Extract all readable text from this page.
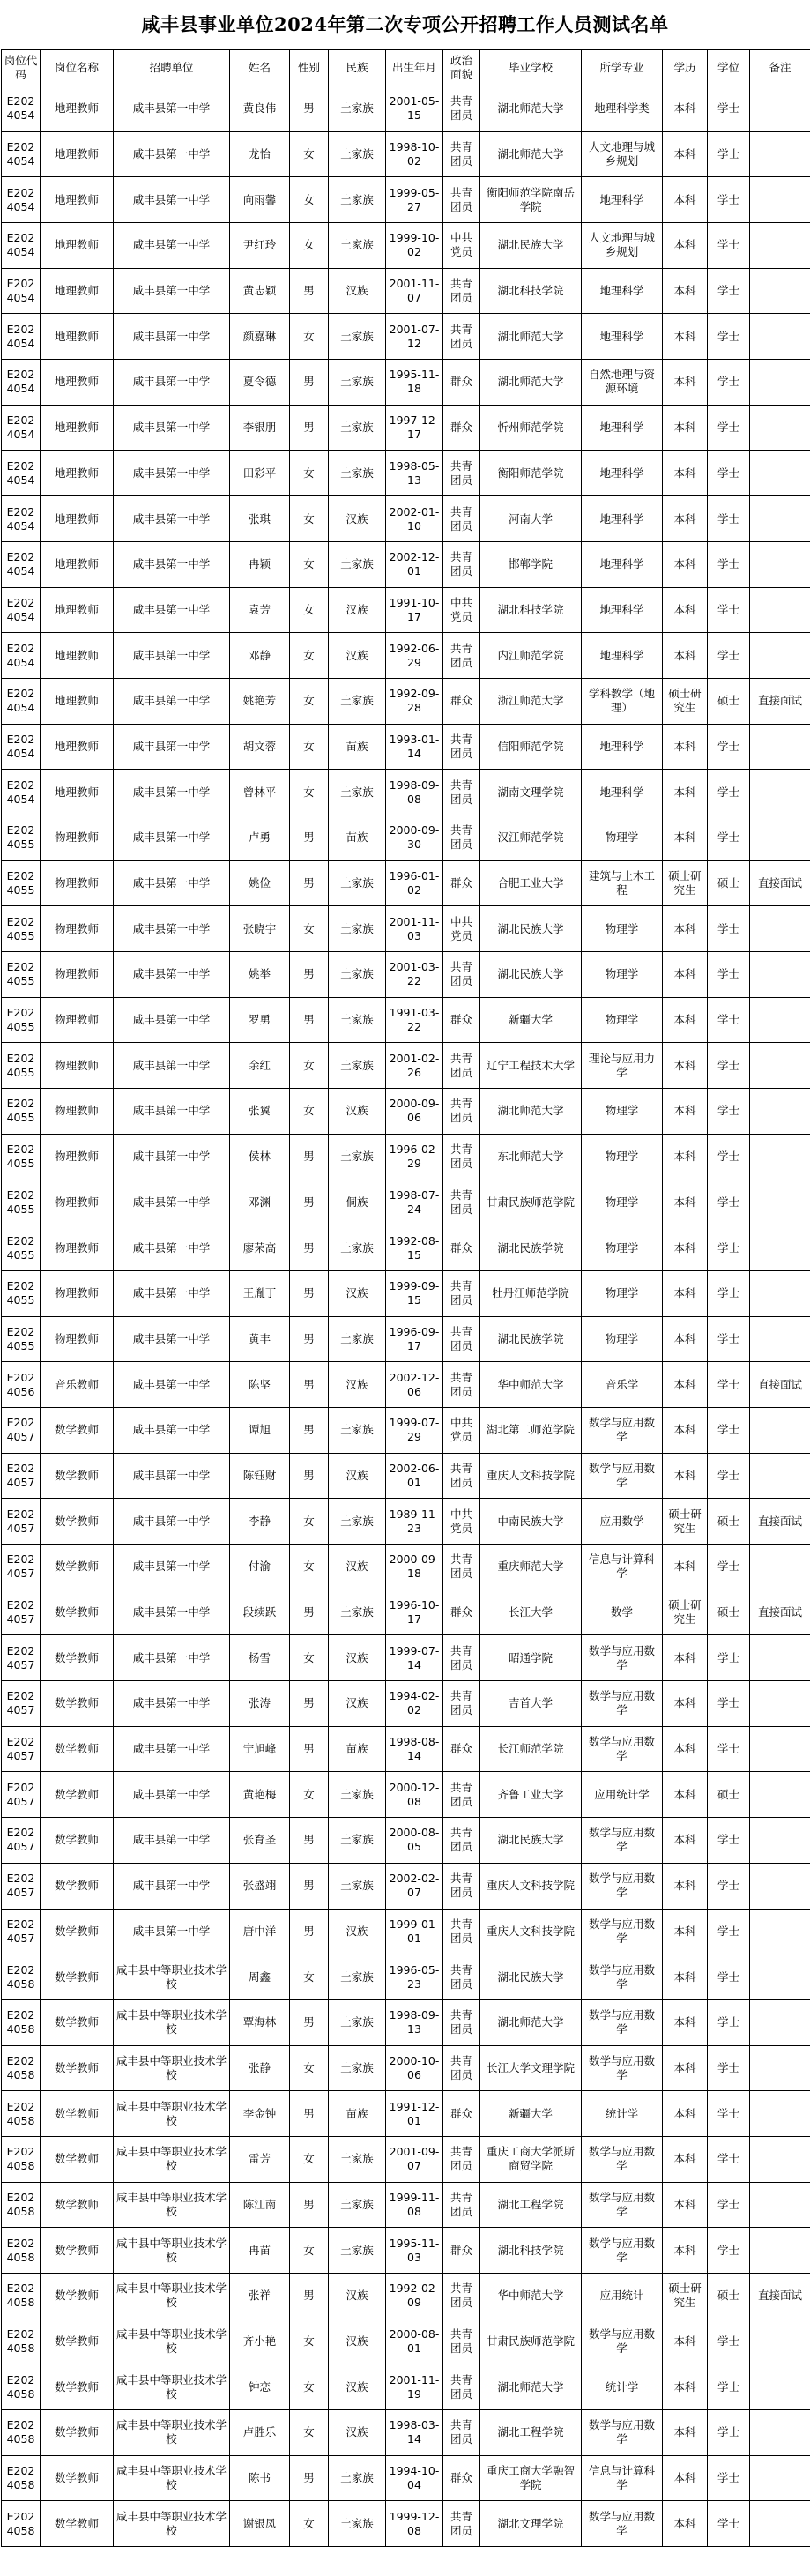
咸丰县事业单位2024年第二次专项公开招聘工作人员测试名单
岗位代码	岗位名称	招聘单位	姓名	性别	民族	出生年月	政治面貌	毕业学校	所学专业	学历	学位	备注
E2024054	地理教师	咸丰县第一中学	黄良伟	男	土家族	2001-05-15	共青团员	湖北师范大学	地理科学类	本科	学士	
E2024054	地理教师	咸丰县第一中学	龙怡	女	土家族	1998-10-02	共青团员	湖北师范大学	人文地理与城乡规划	本科	学士	
E2024054	地理教师	咸丰县第一中学	向雨馨	女	土家族	1999-05-27	共青团员	衡阳师范学院南岳学院	地理科学	本科	学士	
E2024054	地理教师	咸丰县第一中学	尹红玲	女	土家族	1999-10-02	中共党员	湖北民族大学	人文地理与城乡规划	本科	学士	
E2024054	地理教师	咸丰县第一中学	黄志颖	男	汉族	2001-11-07	共青团员	湖北科技学院	地理科学	本科	学士	
E2024054	地理教师	咸丰县第一中学	颜嘉琳	女	土家族	2001-07-12	共青团员	湖北师范大学	地理科学	本科	学士	
E2024054	地理教师	咸丰县第一中学	夏令德	男	土家族	1995-11-18	群众	湖北师范大学	自然地理与资源环境	本科	学士	
E2024054	地理教师	咸丰县第一中学	李银朋	男	土家族	1997-12-17	群众	忻州师范学院	地理科学	本科	学士	
E2024054	地理教师	咸丰县第一中学	田彩平	女	土家族	1998-05-13	共青团员	衡阳师范学院	地理科学	本科	学士	
E2024054	地理教师	咸丰县第一中学	张琪	女	汉族	2002-01-10	共青团员	河南大学	地理科学	本科	学士	
E2024054	地理教师	咸丰县第一中学	冉颖	女	土家族	2002-12-01	共青团员	邯郸学院	地理科学	本科	学士	
E2024054	地理教师	咸丰县第一中学	袁芳	女	汉族	1991-10-17	中共党员	湖北科技学院	地理科学	本科	学士	
E2024054	地理教师	咸丰县第一中学	邓静	女	汉族	1992-06-29	共青团员	内江师范学院	地理科学	本科	学士	
E2024054	地理教师	咸丰县第一中学	姚艳芳	女	土家族	1992-09-28	群众	浙江师范大学	学科教学（地理）	硕士研究生	硕士	直接面试
E2024054	地理教师	咸丰县第一中学	胡文蓉	女	苗族	1993-01-14	共青团员	信阳师范学院	地理科学	本科	学士	
E2024054	地理教师	咸丰县第一中学	曾林平	女	土家族	1998-09-08	共青团员	湖南文理学院	地理科学	本科	学士	
E2024055	物理教师	咸丰县第一中学	卢勇	男	苗族	2000-09-30	共青团员	汉江师范学院	物理学	本科	学士	
E2024055	物理教师	咸丰县第一中学	姚俭	男	土家族	1996-01-02	群众	合肥工业大学	建筑与土木工程	硕士研究生	硕士	直接面试
E2024055	物理教师	咸丰县第一中学	张晓宇	女	土家族	2001-11-03	中共党员	湖北民族大学	物理学	本科	学士	
E2024055	物理教师	咸丰县第一中学	姚举	男	土家族	2001-03-22	共青团员	湖北民族大学	物理学	本科	学士	
E2024055	物理教师	咸丰县第一中学	罗勇	男	土家族	1991-03-22	群众	新疆大学	物理学	本科	学士	
E2024055	物理教师	咸丰县第一中学	余红	女	土家族	2001-02-26	共青团员	辽宁工程技术大学	理论与应用力学	本科	学士	
E2024055	物理教师	咸丰县第一中学	张翼	女	汉族	2000-09-06	共青团员	湖北师范大学	物理学	本科	学士	
E2024055	物理教师	咸丰县第一中学	侯林	男	土家族	1996-02-29	共青团员	东北师范大学	物理学	本科	学士	
E2024055	物理教师	咸丰县第一中学	邓渊	男	侗族	1998-07-24	共青团员	甘肃民族师范学院	物理学	本科	学士	
E2024055	物理教师	咸丰县第一中学	廖荣高	男	土家族	1992-08-15	群众	湖北民族学院	物理学	本科	学士	
E2024055	物理教师	咸丰县第一中学	王胤丁	男	汉族	1999-09-15	共青团员	牡丹江师范学院	物理学	本科	学士	
E2024055	物理教师	咸丰县第一中学	黄丰	男	土家族	1996-09-17	共青团员	湖北民族学院	物理学	本科	学士	
E2024056	音乐教师	咸丰县第一中学	陈坚	男	汉族	2002-12-06	共青团员	华中师范大学	音乐学	本科	学士	直接面试
E2024057	数学教师	咸丰县第一中学	谭旭	男	土家族	1999-07-29	中共党员	湖北第二师范学院	数学与应用数学	本科	学士	
E2024057	数学教师	咸丰县第一中学	陈钰财	男	汉族	2002-06-01	共青团员	重庆人文科技学院	数学与应用数学	本科	学士	
E2024057	数学教师	咸丰县第一中学	李静	女	土家族	1989-11-23	中共党员	中南民族大学	应用数学	硕士研究生	硕士	直接面试
E2024057	数学教师	咸丰县第一中学	付渝	女	汉族	2000-09-18	共青团员	重庆师范大学	信息与计算科学	本科	学士	
E2024057	数学教师	咸丰县第一中学	段续跃	男	土家族	1996-10-17	群众	长江大学	数学	硕士研究生	硕士	直接面试
E2024057	数学教师	咸丰县第一中学	杨雪	女	汉族	1999-07-14	共青团员	昭通学院	数学与应用数学	本科	学士	
E2024057	数学教师	咸丰县第一中学	张涛	男	汉族	1994-02-02	共青团员	吉首大学	数学与应用数学	本科	学士	
E2024057	数学教师	咸丰县第一中学	宁旭峰	男	苗族	1998-08-14	群众	长江师范学院	数学与应用数学	本科	学士	
E2024057	数学教师	咸丰县第一中学	黄艳梅	女	土家族	2000-12-08	共青团员	齐鲁工业大学	应用统计学	本科	硕士	
E2024057	数学教师	咸丰县第一中学	张育圣	男	土家族	2000-08-05	共青团员	湖北民族大学	数学与应用数学	本科	学士	
E2024057	数学教师	咸丰县第一中学	张盛翊	男	土家族	2002-02-07	共青团员	重庆人文科技学院	数学与应用数学	本科	学士	
E2024057	数学教师	咸丰县第一中学	唐中洋	男	汉族	1999-01-01	共青团员	重庆人文科技学院	数学与应用数学	本科	学士	
E2024058	数学教师	咸丰县中等职业技术学校	周鑫	女	土家族	1996-05-23	共青团员	湖北民族大学	数学与应用数学	本科	学士	
E2024058	数学教师	咸丰县中等职业技术学校	覃海林	男	土家族	1998-09-13	共青团员	湖北师范大学	数学与应用数学	本科	学士	
E2024058	数学教师	咸丰县中等职业技术学校	张静	女	土家族	2000-10-06	共青团员	长江大学文理学院	数学与应用数学	本科	学士	
E2024058	数学教师	咸丰县中等职业技术学校	李金钟	男	苗族	1991-12-01	群众	新疆大学	统计学	本科	学士	
E2024058	数学教师	咸丰县中等职业技术学校	雷芳	女	土家族	2001-09-07	共青团员	重庆工商大学派斯商贸学院	数学与应用数学	本科	学士	
E2024058	数学教师	咸丰县中等职业技术学校	陈江南	男	土家族	1999-11-08	共青团员	湖北工程学院	数学与应用数学	本科	学士	
E2024058	数学教师	咸丰县中等职业技术学校	冉苗	女	土家族	1995-11-03	群众	湖北科技学院	数学与应用数学	本科	学士	
E2024058	数学教师	咸丰县中等职业技术学校	张祥	男	汉族	1992-02-09	共青团员	华中师范大学	应用统计	硕士研究生	硕士	直接面试
E2024058	数学教师	咸丰县中等职业技术学校	齐小艳	女	汉族	2000-08-01	共青团员	甘肃民族师范学院	数学与应用数学	本科	学士	
E2024058	数学教师	咸丰县中等职业技术学校	钟恋	女	汉族	2001-11-19	共青团员	湖北师范大学	统计学	本科	学士	
E2024058	数学教师	咸丰县中等职业技术学校	卢胜乐	女	汉族	1998-03-14	共青团员	湖北工程学院	数学与应用数学	本科	学士	
E2024058	数学教师	咸丰县中等职业技术学校	陈书	男	土家族	1994-10-04	群众	重庆工商大学融智学院	信息与计算科学	本科	学士	
E2024058	数学教师	咸丰县中等职业技术学校	谢银凤	女	土家族	1999-12-08	共青团员	湖北文理学院	数学与应用数学	本科	学士	
